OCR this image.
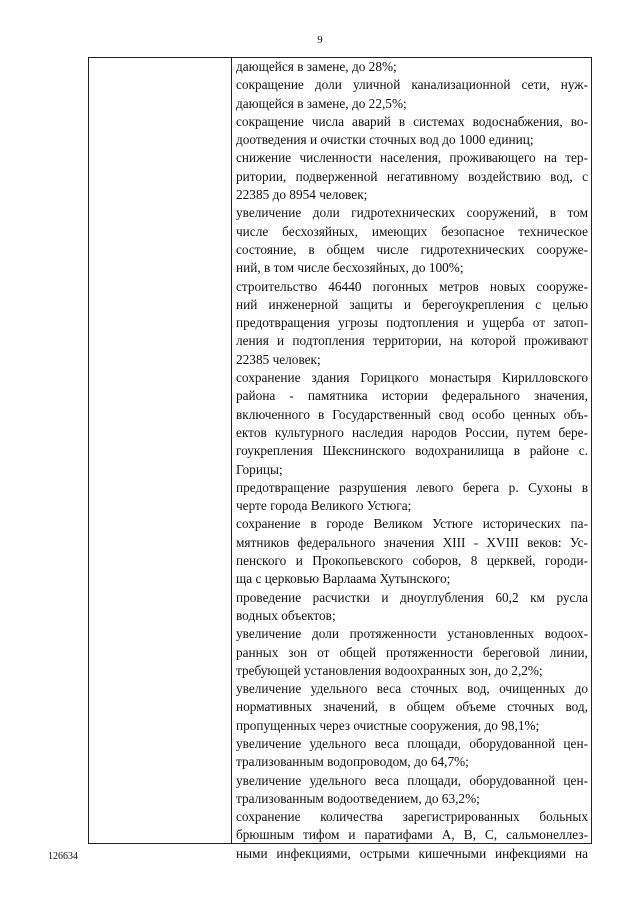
9
дающейся в замене, до 28%;
сокращение доли уличной канализационной сети, нуж-
дающейся в замене, до 22,5%;
сокращение числа аварий в системах водоснабжения, во-
доотведения и очистки сточных вод до 1000 единиц;
снижение численности населения, проживающего на тер-
ритории, подверженной негативному воздействию вод, с
22385 до 8954 человек;
увеличение доли гидротехнических сооружений, в том
числе бесхозяйных, имеющих безопасное техническое
состояние, в общем числе гидротехнических сооруже-
ний, в том числе бесхозяйных, до 100%;
строительство 46440 погонных метров новых сооруже-
ний инженерной защиты и берегоукрепления с целью
предотвращения угрозы подтопления и ущерба от затоп-
ления и подтопления территории, на которой проживают
22385 человек;
сохранение здания Горицкого монастыря Кирилловского
района - памятника истории федерального значения,
включенного в Государственный свод особо ценных объ-
ектов культурного наследия народов России, путем бере-
гоукрепления Шекснинского водохранилища в районе с.
Горицы;
предотвращение разрушения левого берега р. Сухоны в
черте города Великого Устюга;
сохранение в городе Великом Устюге исторических па-
мятников федерального значения XIII - XVIII веков: Ус-
пенского и Прокопьевского соборов, 8 церквей, городи-
ща с церковью Варлаама Хутынского;
проведение расчистки и дноуглубления 60,2 км русла
водных объектов;
увеличение доли протяженности установленных водоох-
ранных зон от общей протяженности береговой линии,
требующей установления водоохранных зон, до 2,2%;
увеличение удельного веса сточных вод, очищенных до
нормативных значений, в общем объеме сточных вод,
пропущенных через очистные сооружения, до 98,1%;
увеличение удельного веса площади, оборудованной цен-
трализованным водопроводом, до 64,7%;
увеличение удельного веса площади, оборудованной цен-
трализованным водоотведением, до 63,2%;
сохранение количества зарегистрированных больных
брюшным тифом и паратифами А, В, С, сальмонеллез-
ными инфекциями, острыми кишечными инфекциями на
126634
